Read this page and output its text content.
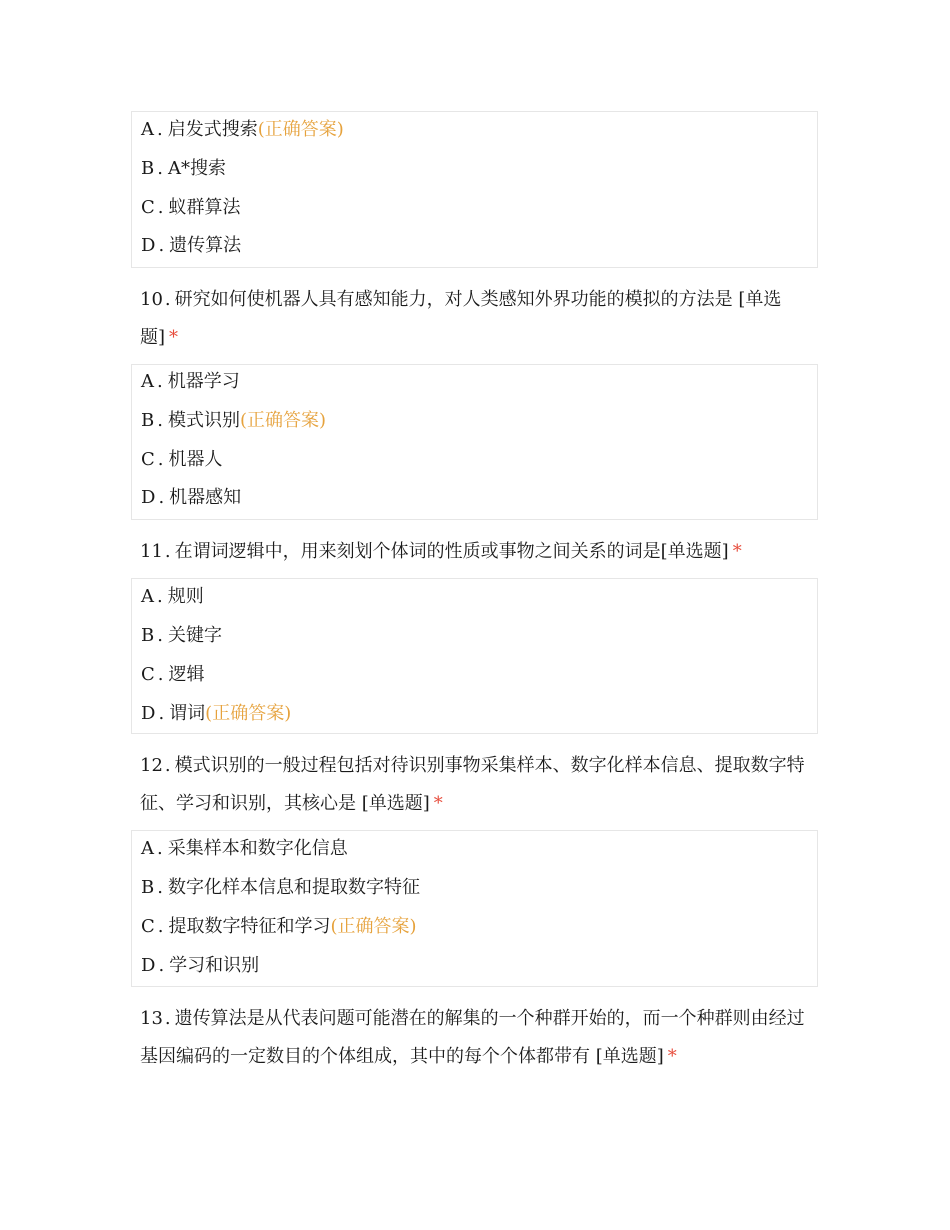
A . 启发式搜索(正确答案)
B . A*搜索
C . 蚁群算法
D . 遗传算法
10 . 研究如何使机器人具有感知能力，对人类感知外界功能的模拟的方法是 [单选题] *
A . 机器学习
B . 模式识别(正确答案)
C . 机器人
D . 机器感知
11 . 在谓词逻辑中，用来刻划个体词的性质或事物之间关系的词是[单选题] *
A . 规则
B . 关键字
C . 逻辑
D . 谓词(正确答案)
12 . 模式识别的一般过程包括对待识别事物采集样本、数字化样本信息、提取数字特征、学习和识别，其核心是 [单选题] *
A . 采集样本和数字化信息
B . 数字化样本信息和提取数字特征
C . 提取数字特征和学习(正确答案)
D . 学习和识别
13 . 遗传算法是从代表问题可能潜在的解集的一个种群开始的，而一个种群则由经过基因编码的一定数目的个体组成，其中的每个个体都带有 [单选题] *
